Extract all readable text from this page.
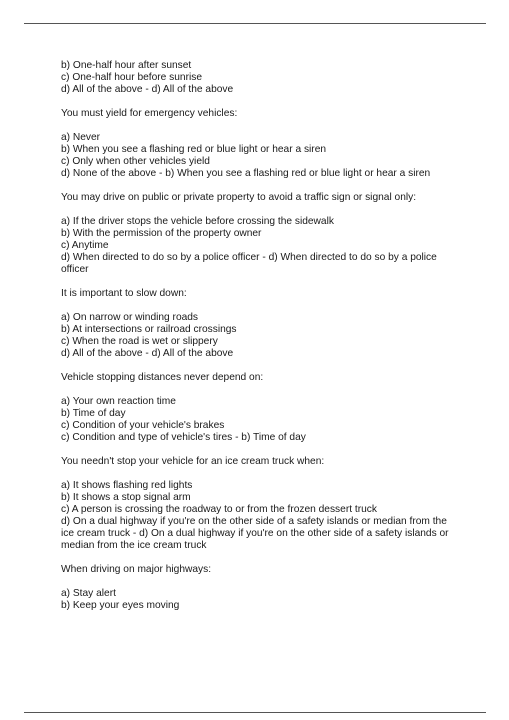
b) One-half hour after sunset
c) One-half hour before sunrise
d) All of the above - d) All of the above
You must yield for emergency vehicles:
a) Never
b) When you see a flashing red or blue light or hear a siren
c) Only when other vehicles yield
d) None of the above - b) When you see a flashing red or blue light or hear a siren
You may drive on public or private property to avoid a traffic sign or signal only:
a) If the driver stops the vehicle before crossing the sidewalk
b) With the permission of the property owner
c) Anytime
d) When directed to do so by a police officer - d) When directed to do so by a police
officer
It is important to slow down:
a) On narrow or winding roads
b) At intersections or railroad crossings
c) When the road is wet or slippery
d) All of the above - d) All of the above
Vehicle stopping distances never depend on:
a) Your own reaction time
b) Time of day
c) Condition of your vehicle's brakes
c) Condition and type of vehicle's tires - b) Time of day
You needn't stop your vehicle for an ice cream truck when:
a) It shows flashing red lights
b) It shows a stop signal arm
c) A person is crossing the roadway to or from the frozen dessert truck
d) On a dual highway if you're on the other side of a safety islands or median from the
ice cream truck - d) On a dual highway if you're on the other side of a safety islands or
median from the ice cream truck
When driving on major highways:
a) Stay alert
b) Keep your eyes moving
